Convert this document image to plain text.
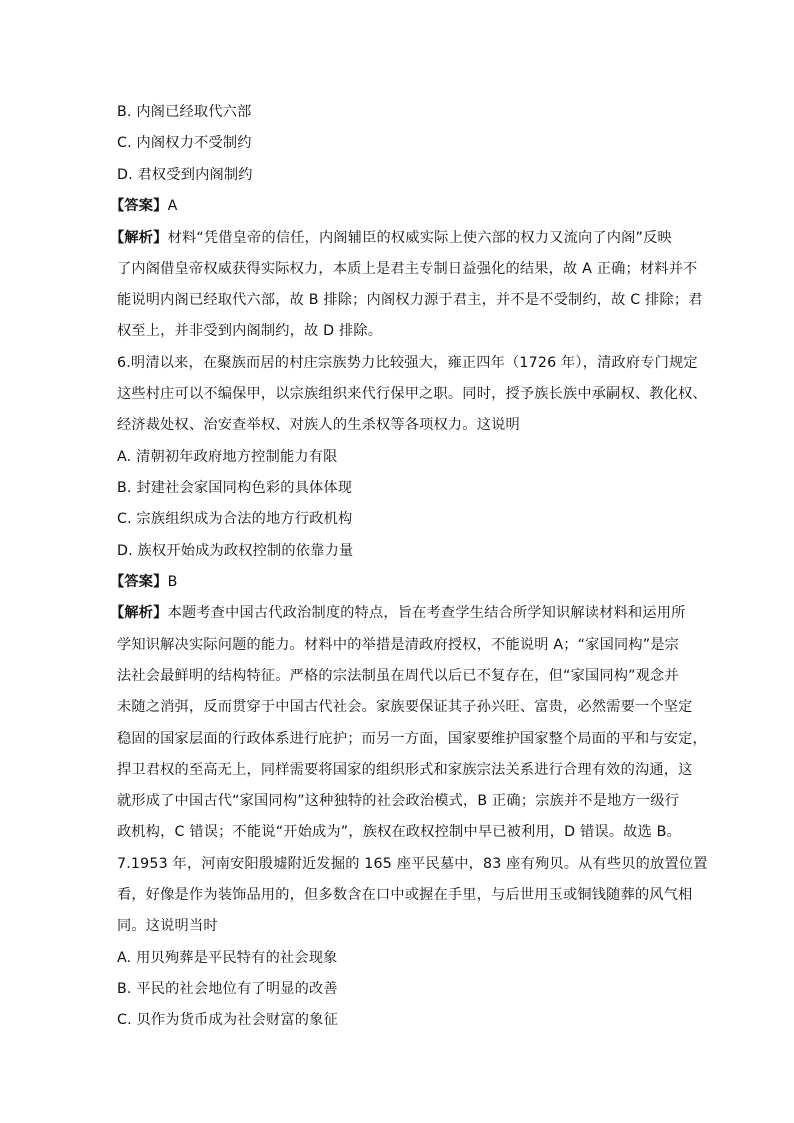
B. 内阁已经取代六部
C. 内阁权力不受制约
D. 君权受到内阁制约
【答案】A
【解析】材料“凭借皇帝的信任，内阁辅臣的权威实际上使六部的权力又流向了内阁”反映
了内阁借皇帝权威获得实际权力，本质上是君主专制日益强化的结果，故 A 正确；材料并不
能说明内阁已经取代六部，故 B 排除；内阁权力源于君主，并不是不受制约，故 C 排除；君
权至上，并非受到内阁制约，故 D 排除。
6.明清以来，在聚族而居的村庄宗族势力比较强大，雍正四年（1726 年），清政府专门规定
这些村庄可以不编保甲，以宗族组织来代行保甲之职。同时，授予族长族中承嗣权、教化权、
经济裁处权、治安查举权、对族人的生杀权等各项权力。这说明
A. 清朝初年政府地方控制能力有限
B. 封建社会家国同构色彩的具体体现
C. 宗族组织成为合法的地方行政机构
D. 族权开始成为政权控制的依靠力量
【答案】B
【解析】本题考查中国古代政治制度的特点，旨在考查学生结合所学知识解读材料和运用所
学知识解决实际问题的能力。材料中的举措是清政府授权，不能说明 A；“家国同构”是宗
法社会最鲜明的结构特征。严格的宗法制虽在周代以后已不复存在，但“家国同构”观念并
未随之消弭，反而贯穿于中国古代社会。家族要保证其子孙兴旺、富贵，必然需要一个坚定
稳固的国家层面的行政体系进行庇护；而另一方面，国家要维护国家整个局面的平和与安定，
捍卫君权的至高无上，同样需要将国家的组织形式和家族宗法关系进行合理有效的沟通，这
就形成了中国古代“家国同构”这种独特的社会政治模式，B 正确；宗族并不是地方一级行
政机构，C 错误；不能说“开始成为”，族权在政权控制中早已被利用，D 错误。故选 B。
7.1953 年，河南安阳殷墟附近发掘的 165 座平民墓中，83 座有殉贝。从有些贝的放置位置
看，好像是作为装饰品用的，但多数含在口中或握在手里，与后世用玉或铜钱随葬的风气相
同。这说明当时
A. 用贝殉葬是平民特有的社会现象
B. 平民的社会地位有了明显的改善
C. 贝作为货币成为社会财富的象征
